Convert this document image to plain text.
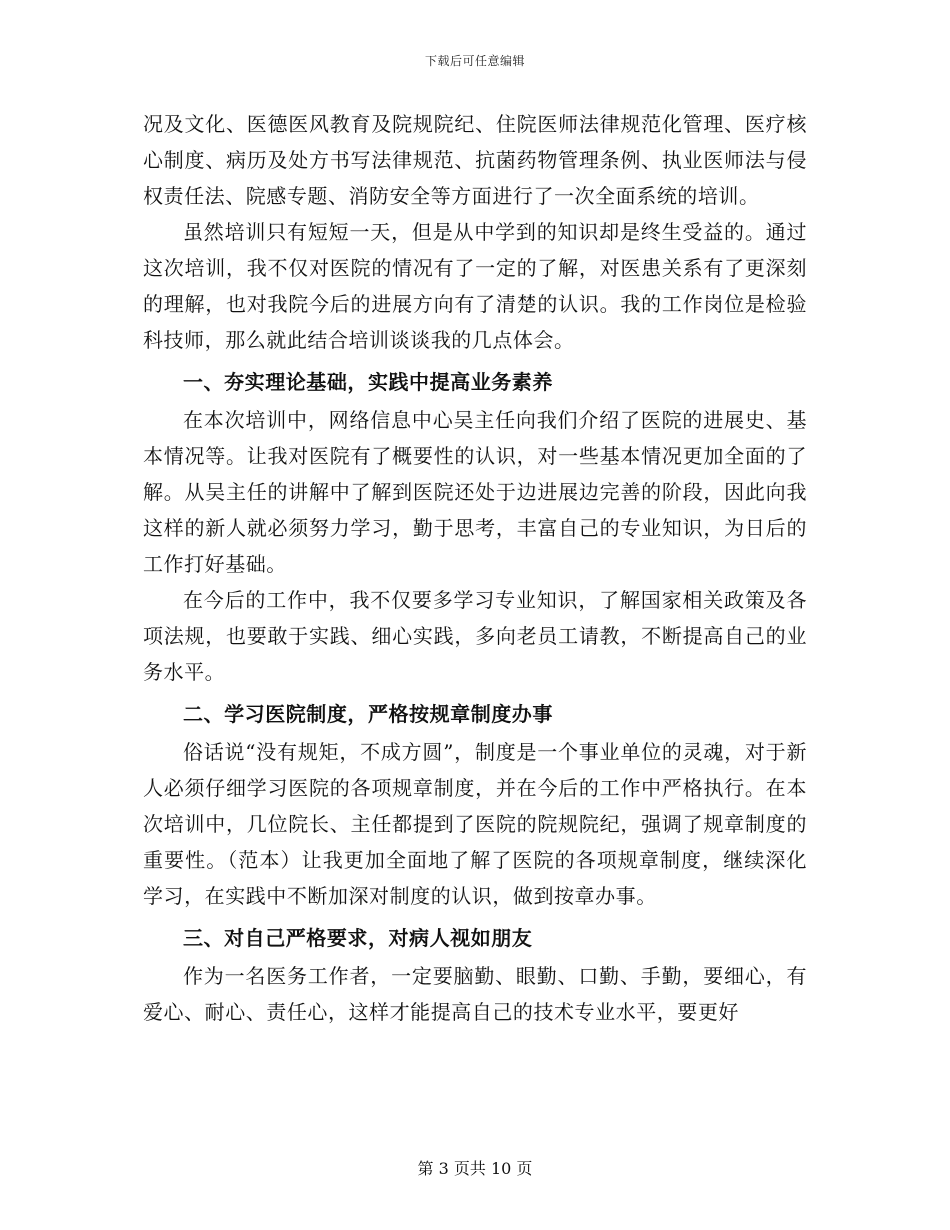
下载后可任意编辑

况及文化、医德医风教育及院规院纪、住院医师法律规范化管理、医疗核心制度、病历及处方书写法律规范、抗菌药物管理条例、执业医师法与侵权责任法、院感专题、消防安全等方面进行了一次全面系统的培训。

虽然培训只有短短一天，但是从中学到的知识却是终生受益的。通过这次培训，我不仅对医院的情况有了一定的了解，对医患关系有了更深刻的理解，也对我院今后的进展方向有了清楚的认识。我的工作岗位是检验科技师，那么就此结合培训谈谈我的几点体会。

一、夯实理论基础，实践中提高业务素养

在本次培训中，网络信息中心吴主任向我们介绍了医院的进展史、基本情况等。让我对医院有了概要性的认识，对一些基本情况更加全面的了解。从吴主任的讲解中了解到医院还处于边进展边完善的阶段，因此向我这样的新人就必须努力学习，勤于思考，丰富自己的专业知识，为日后的工作打好基础。

在今后的工作中，我不仅要多学习专业知识，了解国家相关政策及各项法规，也要敢于实践、细心实践，多向老员工请教，不断提高自己的业务水平。

二、学习医院制度，严格按规章制度办事

俗话说“没有规矩，不成方圆”，制度是一个事业单位的灵魂，对于新人必须仔细学习医院的各项规章制度，并在今后的工作中严格执行。在本次培训中，几位院长、主任都提到了医院的院规院纪，强调了规章制度的重要性。（范本）让我更加全面地了解了医院的各项规章制度，继续深化学习，在实践中不断加深对制度的认识，做到按章办事。

三、对自己严格要求，对病人视如朋友

作为一名医务工作者，一定要脑勤、眼勤、口勤、手勤，要细心，有爱心、耐心、责任心，这样才能提高自己的技术专业水平，要更好

第 3 页共 10 页
